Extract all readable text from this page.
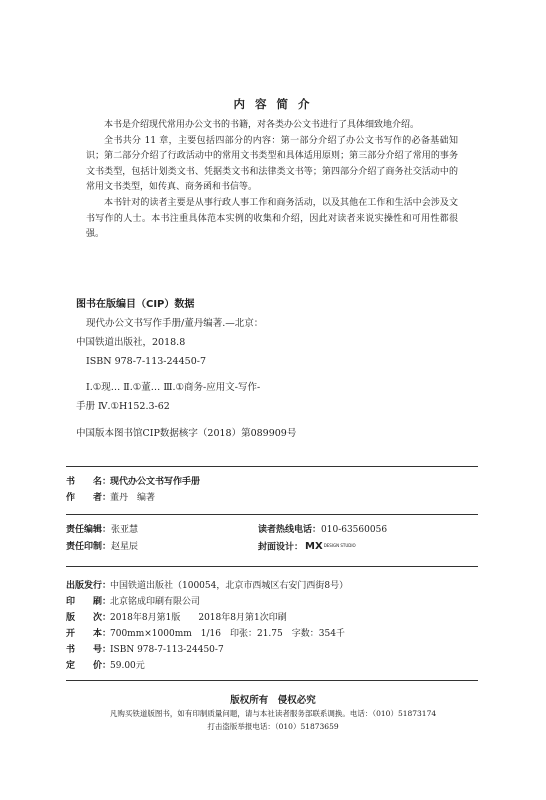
内 容 简 介

本书是介绍现代常用办公文书的书籍，对各类办公文书进行了具体细致地介绍。

全书共分 11 章，主要包括四部分的内容：第一部分介绍了办公文书写作的必备基础知识；第二部分介绍了行政活动中的常用文书类型和具体适用原则；第三部分介绍了常用的事务文书类型，包括计划类文书、凭据类文书和法律类文书等；第四部分介绍了商务社交活动中的常用文书类型，如传真、商务函和书信等。

本书针对的读者主要是从事行政人事工作和商务活动，以及其他在工作和生活中会涉及文书写作的人士。本书注重具体范本实例的收集和介绍，因此对读者来说实操性和可用性都很强。

图书在版编目（CIP）数据
现代办公文书写作手册/董丹编著.—北京：
中国铁道出版社，2018.8
ISBN 978-7-113-24450-7
Ⅰ.①现… Ⅱ.①董… Ⅲ.①商务-应用文-写作-
手册 Ⅳ.①H152.3-62
中国版本图书馆CIP数据核字（2018）第089909号
书　　名：现代办公文书写作手册
作　　者：董丹　编著
责任编辑：张亚慧	读者热线电话：010-63560056
责任印制：赵星辰	封面设计： MXDESIGN STUDIO
出版发行：中国铁道出版社（100054，北京市西城区右安门西街8号）
印　　刷：北京铭成印刷有限公司
版　　次：2018年8月第1版　　2018年8月第1次印刷
开　　本：700mm×1000mm　1/16　印张：21.75　字数：354千
书　　号：ISBN 978-7-113-24450-7
定　　价：59.00元
版权所有　侵权必究
凡购买铁道版图书，如有印制质量问题，请与本社读者服务部联系调换。电话：（010）51873174
打击盗版举报电话：（010）51873659
